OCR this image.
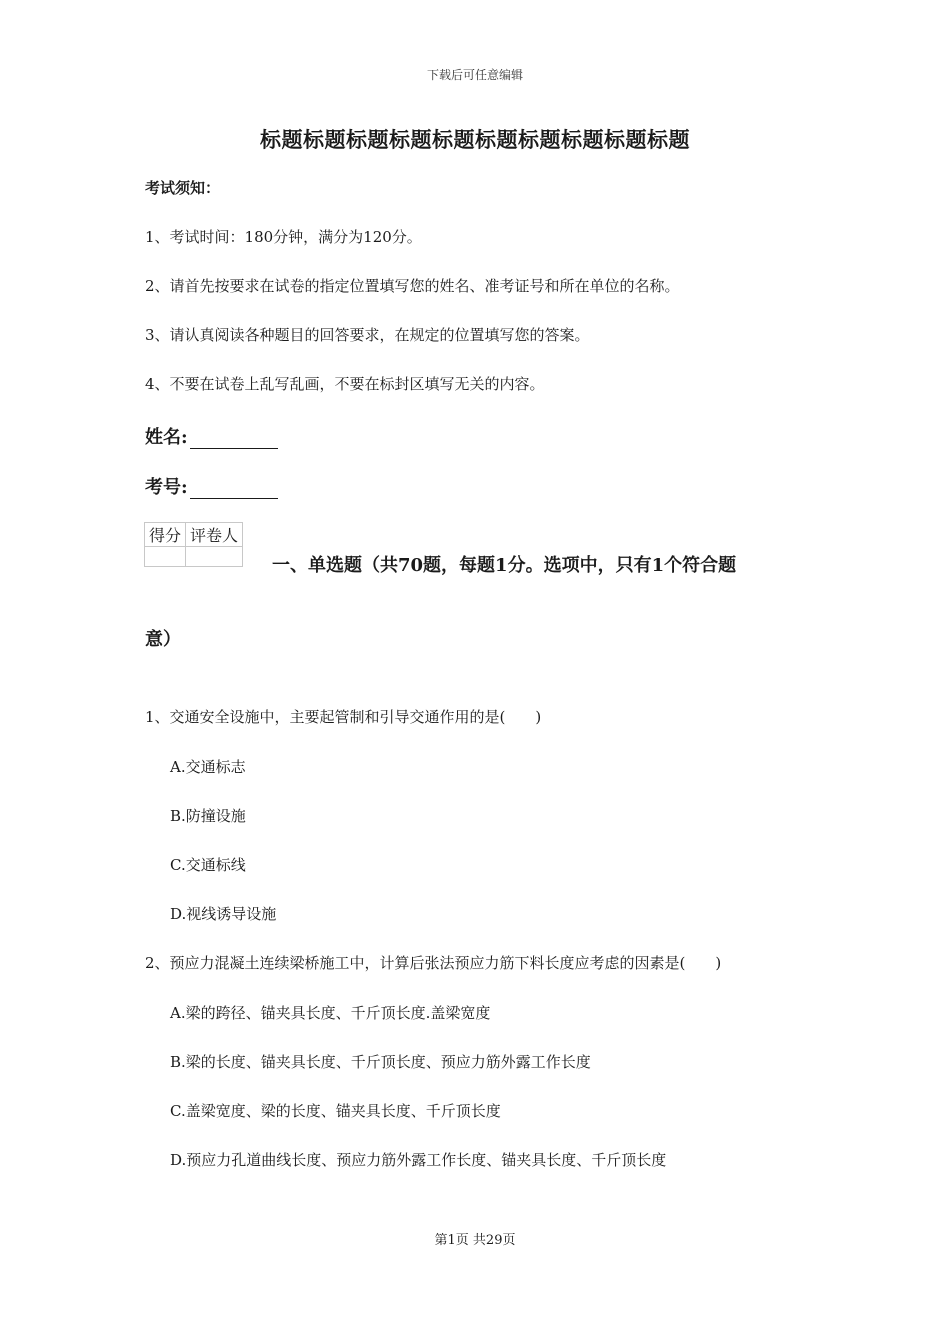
下载后可任意编辑
标题标题标题标题标题标题标题标题标题标题
考试须知：
1、考试时间：180分钟，满分为120分。
2、请首先按要求在试卷的指定位置填写您的姓名、准考证号和所在单位的名称。
3、请认真阅读各种题目的回答要求，在规定的位置填写您的答案。
4、不要在试卷上乱写乱画，不要在标封区填写无关的内容。
姓名:
考号:
得分	评卷人

一、单选题（共70题，每题1分。选项中，只有1个符合题
意）
1、交通安全设施中，主要起管制和引导交通作用的是(　　)
A.交通标志
B.防撞设施
C.交通标线
D.视线诱导设施
2、预应力混凝土连续梁桥施工中，计算后张法预应力筋下料长度应考虑的因素是(　　)
A.梁的跨径、锚夹具长度、千斤顶长度.盖梁宽度
B.梁的长度、锚夹具长度、千斤顶长度、预应力筋外露工作长度
C.盖梁宽度、梁的长度、锚夹具长度、千斤顶长度
D.预应力孔道曲线长度、预应力筋外露工作长度、锚夹具长度、千斤顶长度
第1页 共29页
